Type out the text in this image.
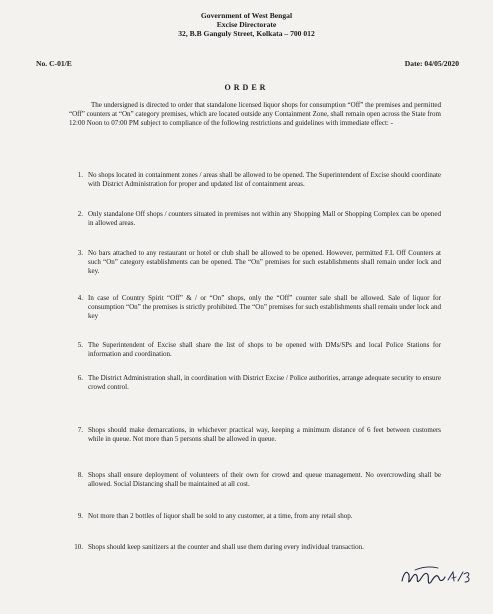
Government of West Bengal
Excise Directorate
32, B.B Ganguly Street, Kolkata – 700 012
No. C-01/E	Date: 04/05/2020
ORDER
The undersigned is directed to order that standalone licensed liquor shops for consumption “Off” the premises and permitted “Off” counters at “On” category premises, which are located outside any Containment Zone, shall remain open across the State from 12:00 Noon to 07:00 PM subject to compliance of the following restrictions and guidelines with immediate effect: -
1. No shops located in containment zones / areas shall be allowed to be opened. The Superintendent of Excise should coordinate with District Administration for proper and updated list of containment areas.
2. Only standalone Off shops / counters situated in premises not within any Shopping Mall or Shopping Complex can be opened in allowed areas.
3. No bars attached to any restaurant or hotel or club shall be allowed to be opened. However, permitted F.L Off Counters at such “On” category establishments can be opened. The “On” premises for such establishments shall remain under lock and key.
4. In case of Country Spirit “Off” & / or “On” shops, only the “Off” counter sale shall be allowed. Sale of liquor for consumption “On” the premises is strictly prohibited. The “On” premises for such establishments shall remain under lock and key
5. The Superintendent of Excise shall share the list of shops to be opened with DMs/SPs and local Police Stations for information and coordination.
6. The District Administration shall, in coordination with District Excise / Police authorities, arrange adequate security to ensure crowd control.
7. Shops should make demarcations, in whichever practical way, keeping a minimum distance of 6 feet between customers while in queue. Not more than 5 persons shall be allowed in queue.
8. Shops shall ensure deployment of volunteers of their own for crowd and queue management. No overcrowding shall be allowed. Social Distancing shall be maintained at all cost.
9. Not more than 2 bottles of liquor shall be sold to any customer, at a time, from any retail shop.
10. Shops should keep sanitizers at the counter and shall use them during every individual transaction.
